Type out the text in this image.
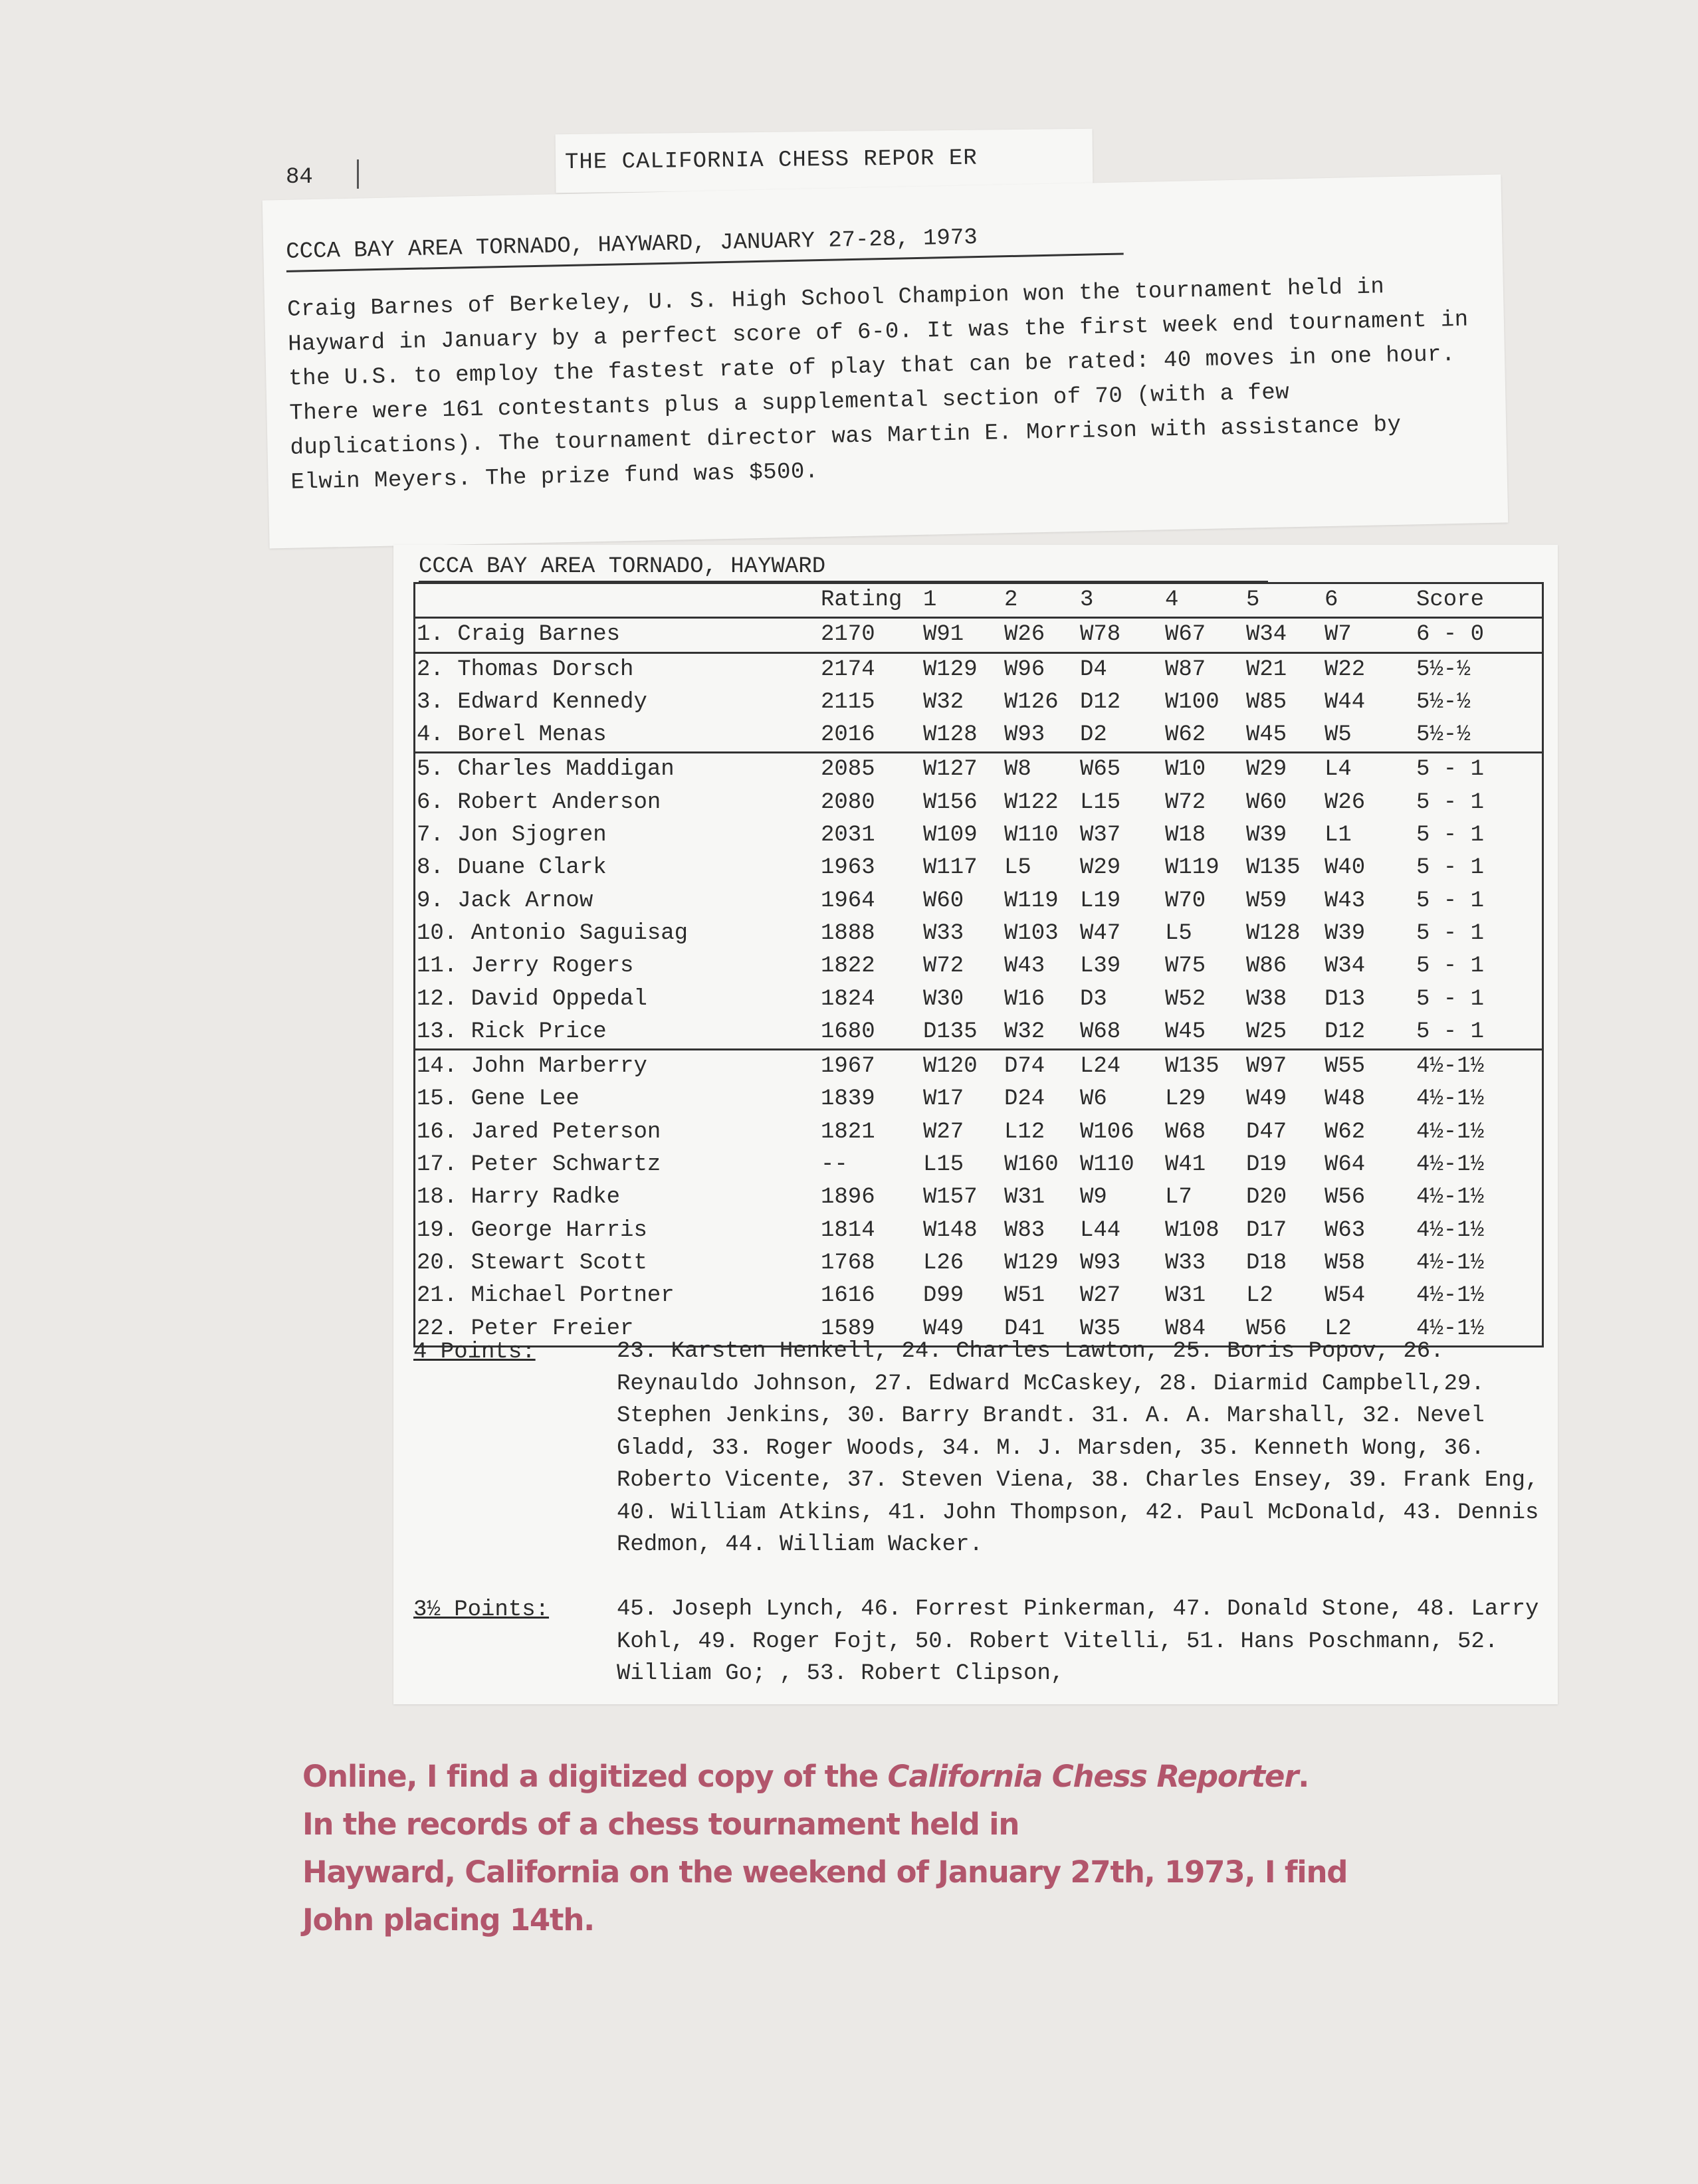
84
THE CALIFORNIA CHESS REPOR ER
CCCA BAY AREA TORNADO, HAYWARD, JANUARY 27-28, 1973
Craig Barnes of Berkeley, U. S. High School Champion won the tournament held in Hayward in January by a perfect score of 6-0. It was the first week end tournament in the U.S. to employ the fastest rate of play that can be rated: 40 moves in one hour. There were 161 contestants plus a supplemental section of 70 (with a few duplications). The tournament director was Martin E. Morrison with assistance by Elwin Meyers. The prize fund was $500.
CCCA BAY AREA TORNADO, HAYWARD
Rating 1	2	3	4	5	6	Score
1. Craig Barnes	2170 W91 W26 W78 W67 W34 W7	6 - 0
2. Thomas Dorsch	2174 W129 W96 D4	W87 W21 W22 5½-½
3. Edward Kennedy	2115 W32 W126 D12 W100 W85 W44 5½-½
4. Borel Menas	2016 W128 W93 D2	W62 W45 W5	5½-½
5. Charles Maddigan	2085 W127 W8 W65 W10 W29 L4	5 - 1
6. Robert Anderson	2080 W156 W122 L15 W72 W60 W26 5 - 1
7. Jon Sjogren	2031 W109 W110 W37 W18 W39 L1	5 - 1
8. Duane Clark	1963 W117 L5 W29 W119 W135 W40 5 - 1
9. Jack Arnow	1964 W60 W119 L19 W70 W59 W43 5 - 1
10. Antonio Saguisag	1888 W33 W103 W47 L5 W128 W39 5 - 1
11. Jerry Rogers	1822 W72 W43 L39 W75 W86 W34 5 - 1
12. David Oppedal	1824 W30 W16 D3	W52 W38 D13 5 - 1
13. Rick Price	1680 D135 W32 W68 W45 W25 D12 5 - 1
14. John Marberry	1967 W120 D74 L24 W135 W97 W55 4½-1½
15. Gene Lee	1839 W17 D24 W6	L29 W49 W48 4½-1½
16. Jared Peterson	1821 W27 L12 W106 W68 D47 W62 4½-1½
17. Peter Schwartz	--	L15 W160 W110 W41 D19 W64 4½-1½
18. Harry Radke	1896 W157 W31 W9	L7 D20 W56 4½-1½
19. George Harris	1814 W148 W83 L44 W108 D17 W63 4½-1½
20. Stewart Scott	1768 L26 W129 W93 W33 D18 W58 4½-1½
21. Michael Portner	1616 D99 W51 W27 W31 L2 W54 4½-1½
22. Peter Freier	1589 W49 D41 W35 W84 W56 L2	4½-1½
4 Points:	23. Karsten Henkell, 24. Charles Lawton, 25. Boris Popov, 26. Reynauldo Johnson, 27. Edward McCaskey, 28. Diarmid Campbell,29. Stephen Jenkins, 30. Barry Brandt. 31. A. A. Marshall, 32. Nevel Gladd, 33. Roger Woods, 34. M. J. Marsden, 35. Kenneth Wong, 36. Roberto Vicente, 37. Steven Viena, 38. Charles Ensey, 39. Frank Eng, 40. William Atkins, 41. John Thompson, 42. Paul McDonald, 43. Dennis Redmon, 44. William Wacker.
3½ Points:	45. Joseph Lynch, 46. Forrest Pinkerman, 47. Donald Stone, 48. Larry Kohl, 49. Roger Fojt, 50. Robert Vitelli, 51. Hans Poschmann, 52. William Go; , 53. Robert Clipson,

Online, I find a digitized copy of the California Chess Reporter.

In the records of a chess tournament held in

Hayward, California on the weekend of January 27th, 1973, I find

John placing 14th.
